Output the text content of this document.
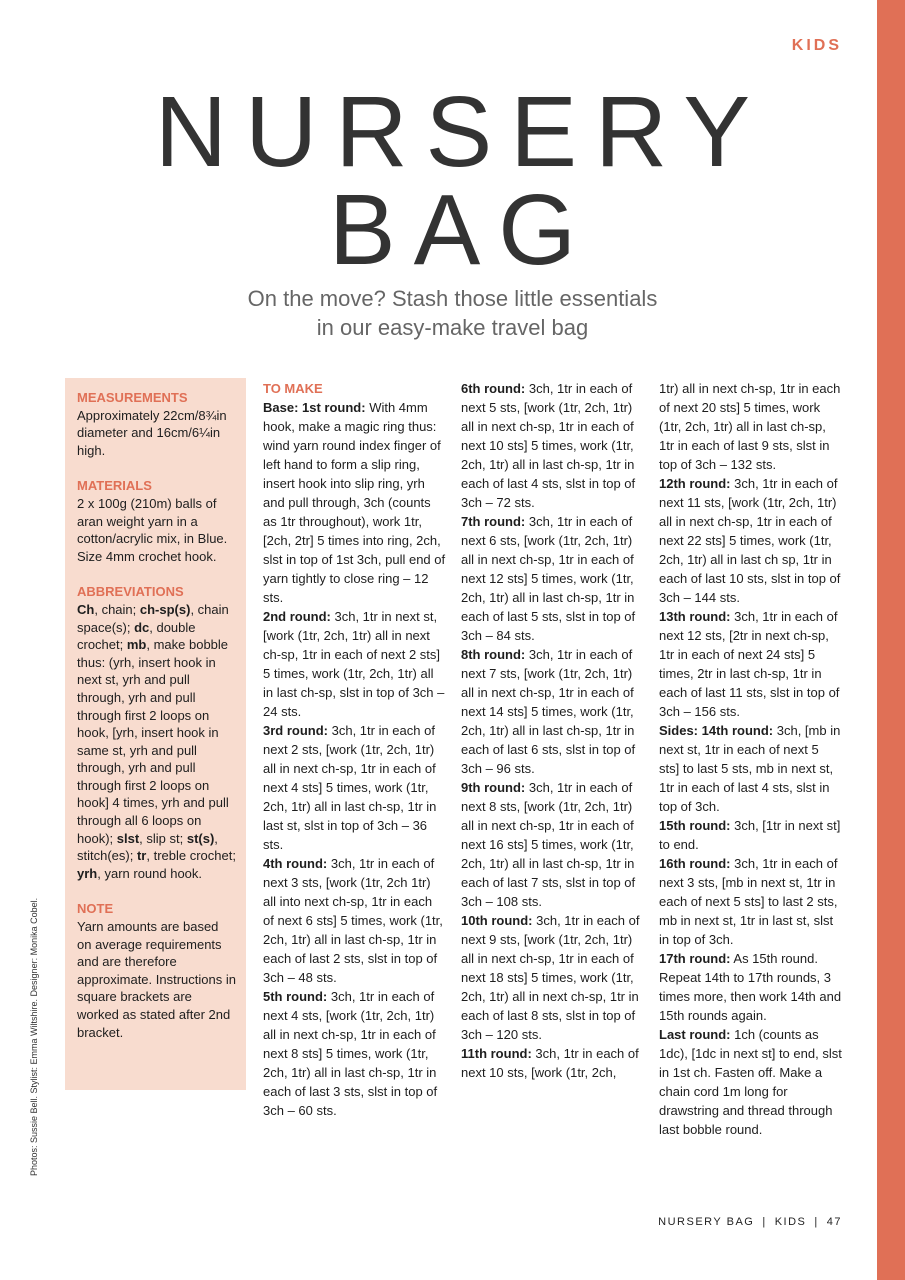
KIDS
NURSERY
BAG
On the move? Stash those little essentials
in our easy-make travel bag
MEASUREMENTS
Approximately 22cm/8¾in diameter and 16cm/6¼in high.
MATERIALS
2 x 100g (210m) balls of aran weight yarn in a cotton/acrylic mix, in Blue. Size 4mm crochet hook.
ABBREVIATIONS
Ch, chain; ch-sp(s), chain space(s); dc, double crochet; mb, make bobble thus: (yrh, insert hook in next st, yrh and pull through, yrh and pull through first 2 loops on hook, [yrh, insert hook in same st, yrh and pull through, yrh and pull through first 2 loops on hook] 4 times, yrh and pull through all 6 loops on hook); slst, slip st; st(s), stitch(es); tr, treble crochet; yrh, yarn round hook.
NOTE
Yarn amounts are based on average requirements and are therefore approximate. Instructions in square brackets are worked as stated after 2nd bracket.
TO MAKE
Base: 1st round: With 4mm hook, make a magic ring thus: wind yarn round index finger of left hand to form a slip ring, insert hook into slip ring, yrh and pull through, 3ch (counts as 1tr throughout), work 1tr, [2ch, 2tr] 5 times into ring, 2ch, slst in top of 1st 3ch, pull end of yarn tightly to close ring – 12 sts.
2nd round: 3ch, 1tr in next st, [work (1tr, 2ch, 1tr) all in next ch-sp, 1tr in each of next 2 sts] 5 times, work (1tr, 2ch, 1tr) all in last ch-sp, slst in top of 3ch – 24 sts.
3rd round: 3ch, 1tr in each of next 2 sts, [work (1tr, 2ch, 1tr) all in next ch-sp, 1tr in each of next 4 sts] 5 times, work (1tr, 2ch, 1tr) all in last ch-sp, 1tr in last st, slst in top of 3ch – 36 sts.
4th round: 3ch, 1tr in each of next 3 sts, [work (1tr, 2ch 1tr) all into next ch-sp, 1tr in each of next 6 sts] 5 times, work (1tr, 2ch, 1tr) all in last ch-sp, 1tr in each of last 2 sts, slst in top of 3ch – 48 sts.
5th round: 3ch, 1tr in each of next 4 sts, [work (1tr, 2ch, 1tr) all in next ch-sp, 1tr in each of next 8 sts] 5 times, work (1tr, 2ch, 1tr) all in last ch-sp, 1tr in each of last 3 sts, slst in top of 3ch – 60 sts.
6th round: 3ch, 1tr in each of next 5 sts, [work (1tr, 2ch, 1tr) all in next ch-sp, 1tr in each of next 10 sts] 5 times, work (1tr, 2ch, 1tr) all in last ch-sp, 1tr in each of last 4 sts, slst in top of 3ch – 72 sts.
7th round: 3ch, 1tr in each of next 6 sts, [work (1tr, 2ch, 1tr) all in next ch-sp, 1tr in each of next 12 sts] 5 times, work (1tr, 2ch, 1tr) all in last ch-sp, 1tr in each of last 5 sts, slst in top of 3ch – 84 sts.
8th round: 3ch, 1tr in each of next 7 sts, [work (1tr, 2ch, 1tr) all in next ch-sp, 1tr in each of next 14 sts] 5 times, work (1tr, 2ch, 1tr) all in last ch-sp, 1tr in each of last 6 sts, slst in top of 3ch – 96 sts.
9th round: 3ch, 1tr in each of next 8 sts, [work (1tr, 2ch, 1tr) all in next ch-sp, 1tr in each of next 16 sts] 5 times, work (1tr, 2ch, 1tr) all in last ch-sp, 1tr in each of last 7 sts, slst in top of 3ch – 108 sts.
10th round: 3ch, 1tr in each of next 9 sts, [work (1tr, 2ch, 1tr) all in next ch-sp, 1tr in each of next 18 sts] 5 times, work (1tr, 2ch, 1tr) all in next ch-sp, 1tr in each of last 8 sts, slst in top of 3ch – 120 sts.
11th round: 3ch, 1tr in each of next 10 sts, [work (1tr, 2ch,
1tr) all in next ch-sp, 1tr in each of next 20 sts] 5 times, work (1tr, 2ch, 1tr) all in last ch-sp, 1tr in each of last 9 sts, slst in top of 3ch – 132 sts.
12th round: 3ch, 1tr in each of next 11 sts, [work (1tr, 2ch, 1tr) all in next ch-sp, 1tr in each of next 22 sts] 5 times, work (1tr, 2ch, 1tr) all in last ch sp, 1tr in each of last 10 sts, slst in top of 3ch – 144 sts.
13th round: 3ch, 1tr in each of next 12 sts, [2tr in next ch-sp, 1tr in each of next 24 sts] 5 times, 2tr in last ch-sp, 1tr in each of last 11 sts, slst in top of 3ch – 156 sts.
Sides: 14th round: 3ch, [mb in next st, 1tr in each of next 5 sts] to last 5 sts, mb in next st, 1tr in each of last 4 sts, slst in top of 3ch.
15th round: 3ch, [1tr in next st] to end.
16th round: 3ch, 1tr in each of next 3 sts, [mb in next st, 1tr in each of next 5 sts] to last 2 sts, mb in next st, 1tr in last st, slst in top of 3ch.
17th round: As 15th round. Repeat 14th to 17th rounds, 3 times more, then work 14th and 15th rounds again.
Last round: 1ch (counts as 1dc), [1dc in next st] to end, slst in 1st ch. Fasten off. Make a chain cord 1m long for drawstring and thread through last bobble round.
Photos: Sussie Bell. Stylist: Emma Wiltshire. Designer: Monika Cobel.
NURSERY BAG | KIDS | 47
